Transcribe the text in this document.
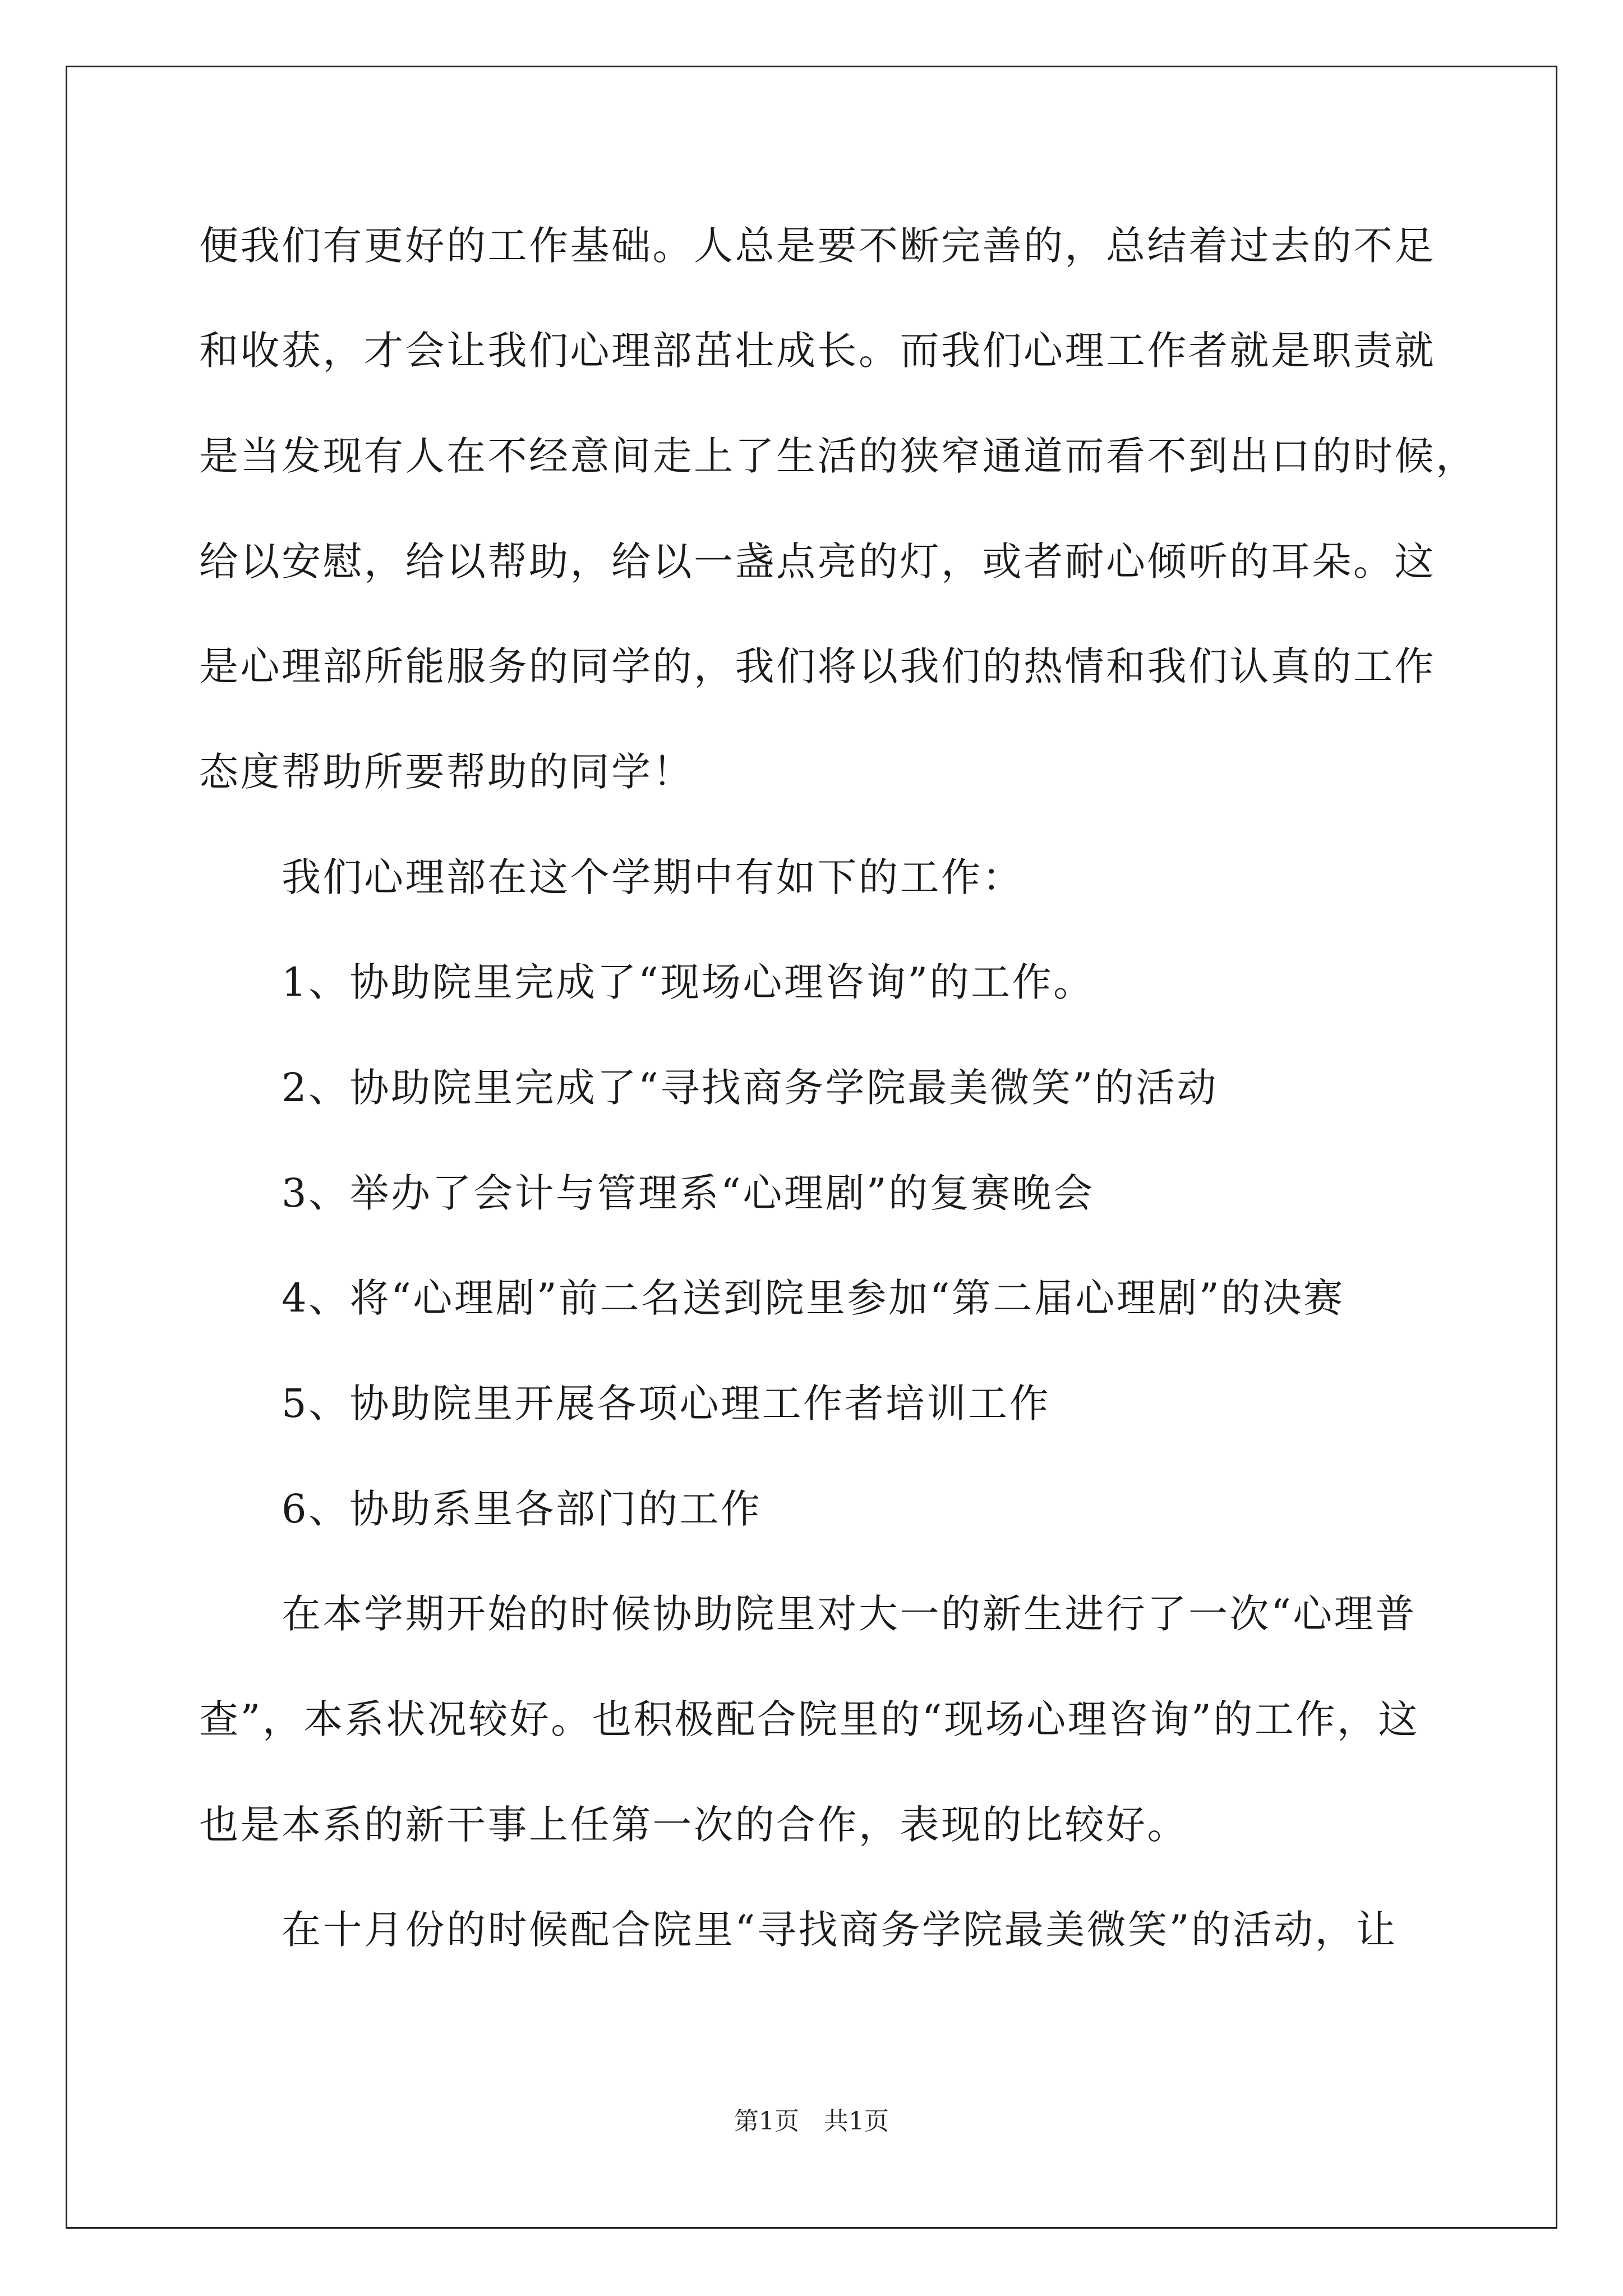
便我们有更好的工作基础。人总是要不断完善的，总结着过去的不足
和收获，才会让我们心理部茁壮成长。而我们心理工作者就是职责就
是当发现有人在不经意间走上了生活的狭窄通道而看不到出口的时候，
给以安慰，给以帮助，给以一盏点亮的灯，或者耐心倾听的耳朵。这
是心理部所能服务的同学的，我们将以我们的热情和我们认真的工作
态度帮助所要帮助的同学！
我们心理部在这个学期中有如下的工作：
1、协助院里完成了“现场心理咨询”的工作。
2、协助院里完成了“寻找商务学院最美微笑”的活动
3、举办了会计与管理系“心理剧”的复赛晚会
4、将“心理剧”前二名送到院里参加“第二届心理剧”的决赛
5、协助院里开展各项心理工作者培训工作
6、协助系里各部门的工作
在本学期开始的时候协助院里对大一的新生进行了一次“心理普
查”，本系状况较好。也积极配合院里的“现场心理咨询”的工作，这
也是本系的新干事上任第一次的合作，表现的比较好。
在十月份的时候配合院里“寻找商务学院最美微笑”的活动，让
第1页　共1页
